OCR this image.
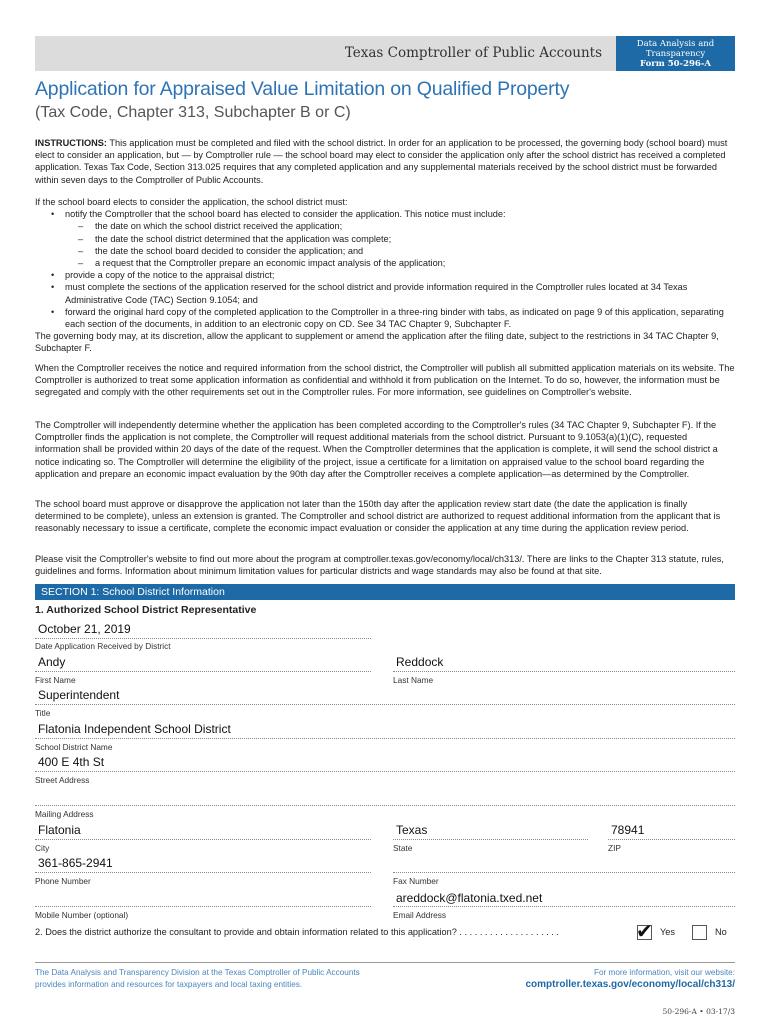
Texas Comptroller of Public Accounts
Data Analysis and
Transparency
Form 50-296-A
Application for Appraised Value Limitation on Qualified Property
(Tax Code, Chapter 313, Subchapter B or C)
INSTRUCTIONS: This application must be completed and filed with the school district. In order for an application to be processed, the governing body (school board) must elect to consider an application, but — by Comptroller rule — the school board may elect to consider the application only after the school district has received a completed application. Texas Tax Code, Section 313.025 requires that any completed application and any supplemental materials received by the school district must be forwarded within seven days to the Comptroller of Public Accounts.
If the school board elects to consider the application, the school district must:
• notify the Comptroller that the school board has elected to consider the application. This notice must include:
– the date on which the school district received the application;
– the date the school district determined that the application was complete;
– the date the school board decided to consider the application; and
– a request that the Comptroller prepare an economic impact analysis of the application;
• provide a copy of the notice to the appraisal district;
• must complete the sections of the application reserved for the school district and provide information required in the Comptroller rules located at 34 Texas Administrative Code (TAC) Section 9.1054; and
• forward the original hard copy of the completed application to the Comptroller in a three-ring binder with tabs, as indicated on page 9 of this application, separating each section of the documents, in addition to an electronic copy on CD. See 34 TAC Chapter 9, Subchapter F.
The governing body may, at its discretion, allow the applicant to supplement or amend the application after the filing date, subject to the restrictions in 34 TAC Chapter 9, Subchapter F.
When the Comptroller receives the notice and required information from the school district, the Comptroller will publish all submitted application materials on its website. The Comptroller is authorized to treat some application information as confidential and withhold it from publication on the Internet. To do so, however, the information must be segregated and comply with the other requirements set out in the Comptroller rules. For more information, see guidelines on Comptroller's website.
The Comptroller will independently determine whether the application has been completed according to the Comptroller's rules (34 TAC Chapter 9, Subchapter F). If the Comptroller finds the application is not complete, the Comptroller will request additional materials from the school district. Pursuant to 9.1053(a)(1)(C), requested information shall be provided within 20 days of the date of the request. When the Comptroller determines that the application is complete, it will send the school district a notice indicating so. The Comptroller will determine the eligibility of the project, issue a certificate for a limitation on appraised value to the school board regarding the application and prepare an economic impact evaluation by the 90th day after the Comptroller receives a complete application—as determined by the Comptroller.
The school board must approve or disapprove the application not later than the 150th day after the application review start date (the date the application is finally determined to be complete), unless an extension is granted. The Comptroller and school district are authorized to request additional information from the applicant that is reasonably necessary to issue a certificate, complete the economic impact evaluation or consider the application at any time during the application review period.
Please visit the Comptroller's website to find out more about the program at comptroller.texas.gov/economy/local/ch313/. There are links to the Chapter 313 statute, rules, guidelines and forms. Information about minimum limitation values for particular districts and wage standards may also be found at that site.
SECTION 1: School District Information
1. Authorized School District Representative
October 21, 2019
Date Application Received by District
Andy
First Name
Reddock
Last Name
Superintendent
Title
Flatonia Independent School District
School District Name
400 E 4th St
Street Address
Mailing Address
Flatonia
City
Texas
State
78941
ZIP
361-865-2941
Phone Number	Fax Number
Mobile Number (optional)
areddock@flatonia.txed.net
Email Address
2. Does the district authorize the consultant to provide and obtain information related to this application? . . . . . . . . . . . . . . . . . . . .	✔ Yes	No
The Data Analysis and Transparency Division at the Texas Comptroller of Public Accounts
provides information and resources for taxpayers and local taxing entities.
For more information, visit our website:
comptroller.texas.gov/economy/local/ch313/
50-296-A • 03-17/3
